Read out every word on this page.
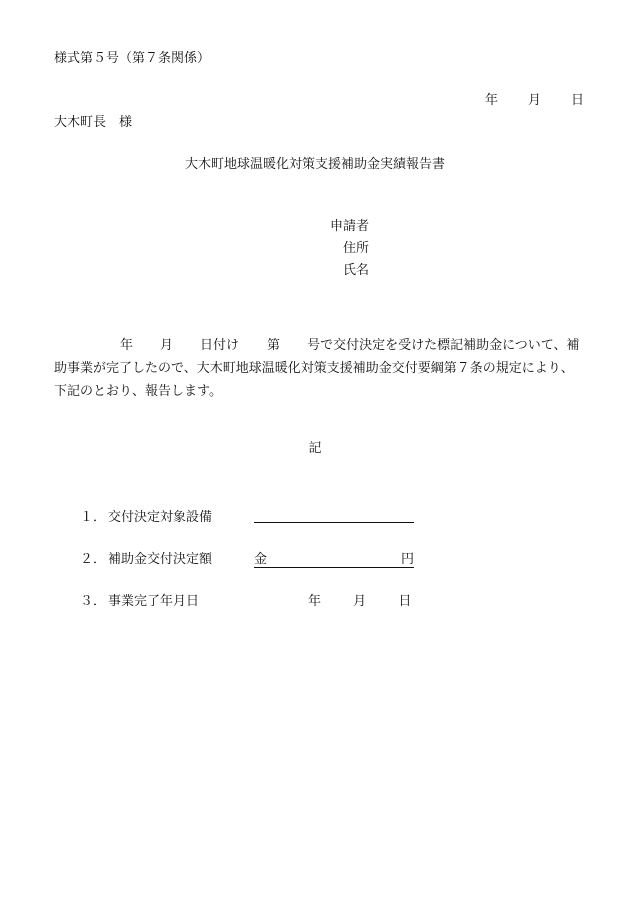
様式第５号（第７条関係）
年 月 日
大木町長　様
大木町地球温暖化対策支援補助金実績報告書
申請者
住所
氏名
年 月 日付け 第 号で交付決定を受けた標記補助金について、補
助事業が完了したので、大木町地球温暖化対策支援補助金交付要綱第７条の規定により、
下記のとおり、報告します。
記
１． 交付決定対象設備
２． 補助金交付決定額	金	円
３． 事業完了年月日	年 月 日
